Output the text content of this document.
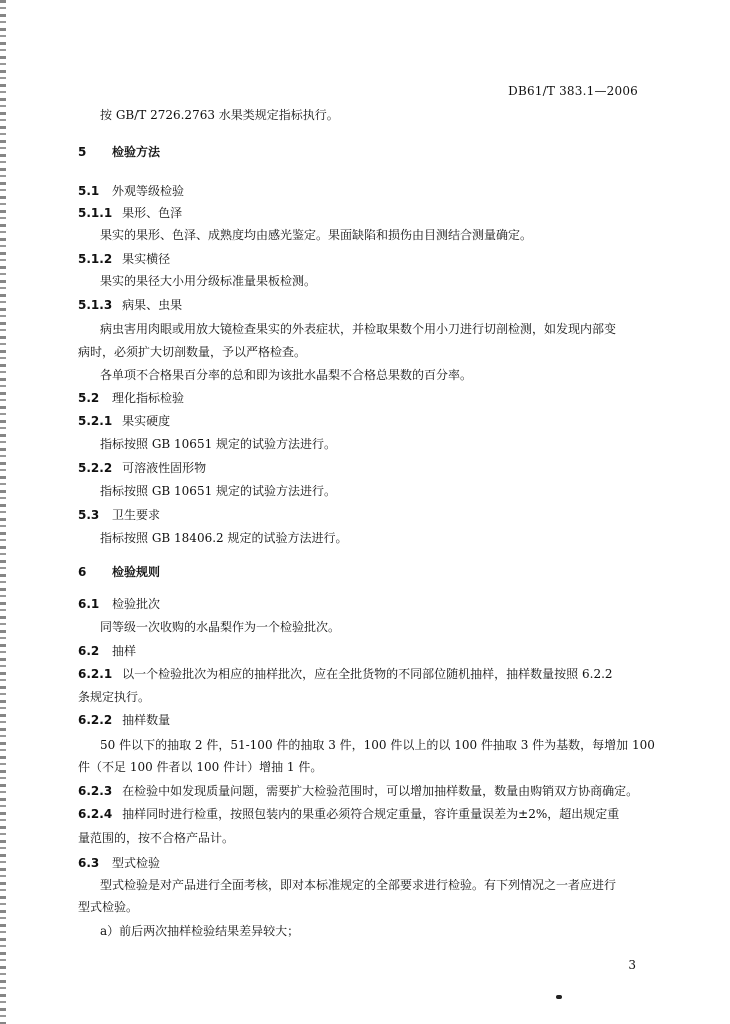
DB61/T 383.1—2006
按 GB/T 2726.2763 水果类规定指标执行。
5 检验方法
5.1 外观等级检验
5.1.1 果形、色泽
果实的果形、色泽、成熟度均由感光鉴定。果面缺陷和损伤由目测结合测量确定。
5.1.2 果实横径
果实的果径大小用分级标准量果板检测。
5.1.3 病果、虫果
病虫害用肉眼或用放大镜检查果实的外表症状，并检取果数个用小刀进行切剖检测，如发现内部变
病时，必须扩大切剖数量，予以严格检查。
各单项不合格果百分率的总和即为该批水晶梨不合格总果数的百分率。
5.2 理化指标检验
5.2.1 果实硬度
指标按照 GB 10651 规定的试验方法进行。
5.2.2 可溶液性固形物
指标按照 GB 10651 规定的试验方法进行。
5.3 卫生要求
指标按照 GB 18406.2 规定的试验方法进行。
6 检验规则
6.1 检验批次
同等级一次收购的水晶梨作为一个检验批次。
6.2 抽样
6.2.1 以一个检验批次为相应的抽样批次，应在全批货物的不同部位随机抽样，抽样数量按照 6.2.2
条规定执行。
6.2.2 抽样数量
50 件以下的抽取 2 件，51-100 件的抽取 3 件，100 件以上的以 100 件抽取 3 件为基数，每增加 100
件（不足 100 件者以 100 件计）增抽 1 件。
6.2.3 在检验中如发现质量问题，需要扩大检验范围时，可以增加抽样数量，数量由购销双方协商确定。
6.2.4 抽样同时进行检重，按照包装内的果重必须符合规定重量，容许重量误差为±2%，超出规定重
量范围的，按不合格产品计。
6.3 型式检验
型式检验是对产品进行全面考核，即对本标准规定的全部要求进行检验。有下列情况之一者应进行
型式检验。
a）前后两次抽样检验结果差异较大；
3
